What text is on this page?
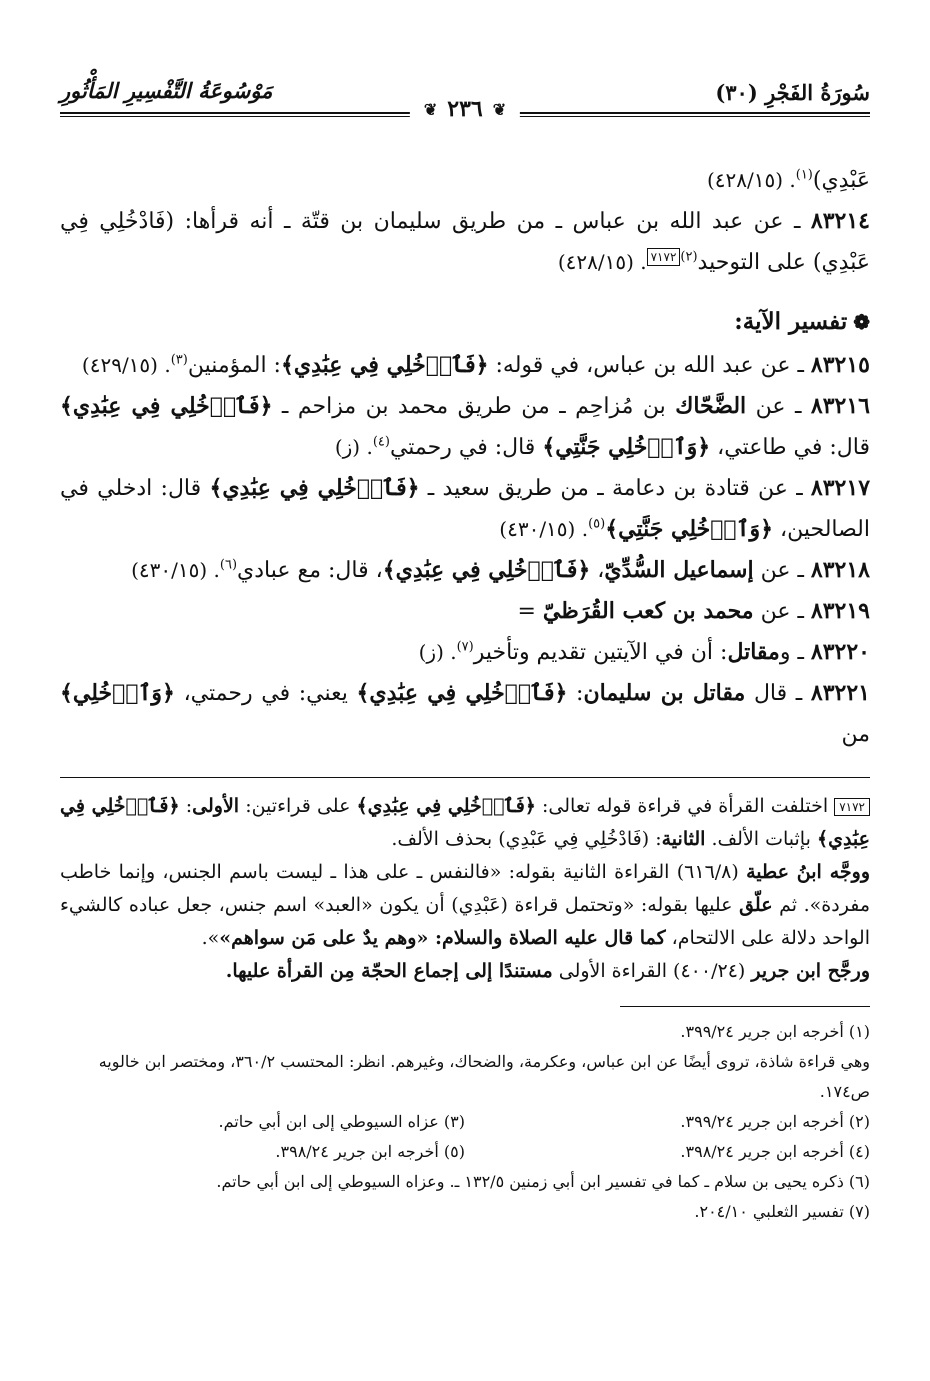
سُورَةُ الفَجْرِ (٣٠)
مَوْسُوعَةُ التَّفْسِيرِ المَأْثُورِ
❦
٢٣٦
❦

عَبْدِي)$^{(١)}$. (٤٢٨/١٥)

٨٣٢١٤ ـ عن عبد الله بن عباس ـ من طريق سليمان بن قتّة ـ أنه قرأها: (فَادْخُلِي فِي عَبْدِي) على التوحيد$^{(٢)}$٧١٧٢. (٤٢٨/١٥)

❁تفسير الآية:

٨٣٢١٥ ـ عن عبد الله بن عباس، في قوله: ﴿فَٱدۡخُلِي فِي عِبَٰدِي﴾: المؤمنين$^{(٣)}$. (٤٢٩/١٥)

٨٣٢١٦ ـ عن الضَّحّاك بن مُزاحِم ـ من طريق محمد بن مزاحم ـ ﴿فَٱدۡخُلِي فِي عِبَٰدِي﴾ قال: في طاعتي، ﴿وَٱدۡخُلِي جَنَّتِي﴾ قال: في رحمتي$^{(٤)}$. (ز)

٨٣٢١٧ ـ عن قتادة بن دعامة ـ من طريق سعيد ـ ﴿فَٱدۡخُلِي فِي عِبَٰدِي﴾ قال: ادخلي في الصالحين، ﴿وَٱدۡخُلِي جَنَّتِي﴾$^{(٥)}$. (٤٣٠/١٥)

٨٣٢١٨ ـ عن إسماعيل السُّدِّيّ، ﴿فَٱدۡخُلِي فِي عِبَٰدِي﴾، قال: مع عبادي$^{(٦)}$. (٤٣٠/١٥)

٨٣٢١٩ ـ عن محمد بن كعب القُرَظيّ =

٨٣٢٢٠ ـ ومقاتل: أن في الآيتين تقديم وتأخير$^{(٧)}$. (ز)

٨٣٢٢١ ـ قال مقاتل بن سليمان: ﴿فَٱدۡخُلِي فِي عِبَٰدِي﴾ يعني: في رحمتي، ﴿وَٱدۡخُلِي﴾ من

٧١٧٢ اختلفت القرأة في قراءة قوله تعالى: ﴿فَٱدۡخُلِي فِي عِبَٰدِي﴾ على قراءتين: الأولى: ﴿فَٱدۡخُلِي فِي عِبَٰدِي﴾ بإثبات الألف. الثانية: (فَادْخُلِي فِي عَبْدِي) بحذف الألف.

ووجَّه ابنُ عطية (٦١٦/٨) القراءة الثانية بقوله: «فالنفس ـ على هذا ـ ليست باسم الجنس، وإنما خاطب مفردة». ثم علّق عليها بقوله: «وتحتمل قراءة (عَبْدِي) أن يكون «العبد» اسم جنس، جعل عباده كالشيء الواحد دلالة على الالتحام، كما قال عليه الصلاة والسلام: «وهم يدٌ على مَن سواهم»».

ورجَّح ابن جرير (٤٠٠/٢٤) القراءة الأولى مستندًا إلى إجماع الحجّة مِن القرأة عليها.

(١) أخرجه ابن جرير ٣٩٩/٢٤.

وهي قراءة شاذة، تروى أيضًا عن ابن عباس، وعكرمة، والضحاك، وغيرهم. انظر: المحتسب ٣٦٠/٢، ومختصر ابن خالويه ص١٧٤.

(٢) أخرجه ابن جرير ٣٩٩/٢٤.
(٣) عزاه السيوطي إلى ابن أبي حاتم.
(٤) أخرجه ابن جرير ٣٩٨/٢٤.
(٥) أخرجه ابن جرير ٣٩٨/٢٤.

(٦) ذكره يحيى بن سلام ـ كما في تفسير ابن أبي زمنين ١٣٢/٥ ـ. وعزاه السيوطي إلى ابن أبي حاتم.

(٧) تفسير الثعلبي ٢٠٤/١٠.
